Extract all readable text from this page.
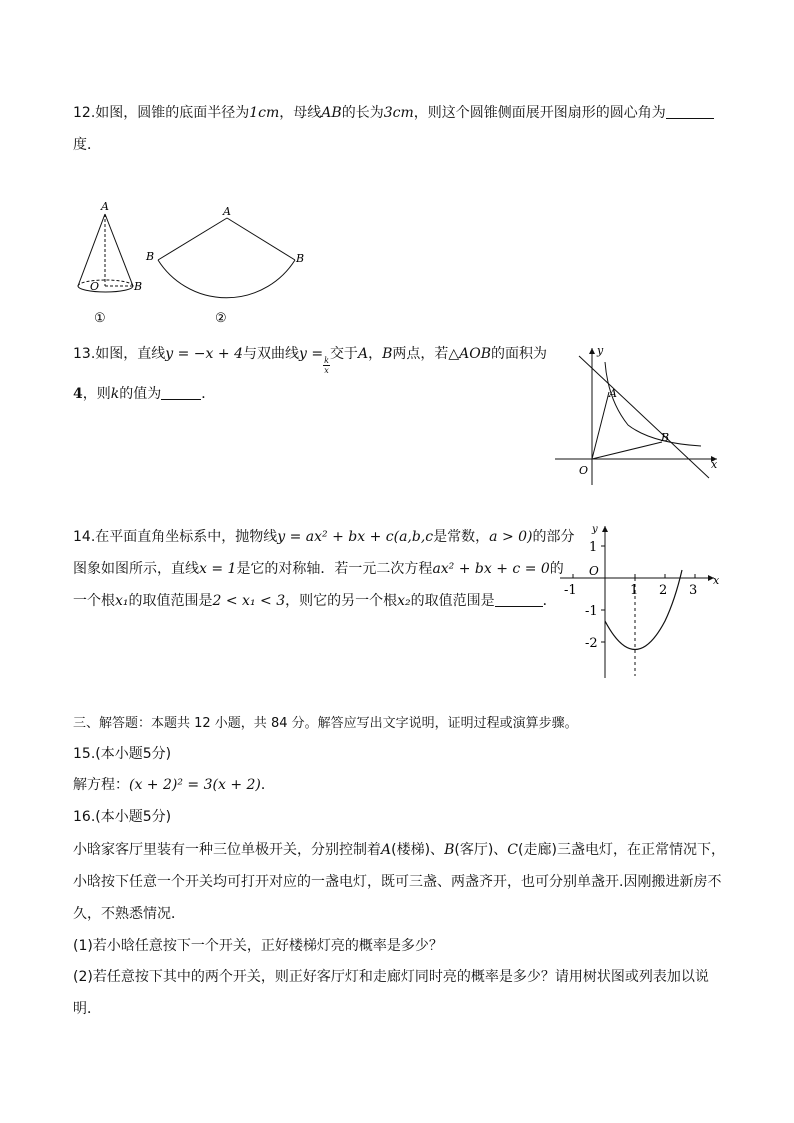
12.如图，圆锥的底面半径为1cm，母线AB的长为3cm，则这个圆锥侧面展开图扇形的圆心角为
度．
A
O	B
A
B	B
①	②
13.如图，直线y = −x + 4与双曲线y =
$\frac{k}{x}$
交于A，B两点，若△AOB的面积为
4，则k的值为	．
y
x
O
A
B
14.在平面直角坐标系中，抛物线y = ax² + bx + c(a,b,c是常数，a > 0)的部分
图象如图所示，直线x = 1是它的对称轴．若一元二次方程ax² + bx + c = 0的
一个根x₁的取值范围是2 < x₁ < 3，则它的另一个根x₂的取值范围是	．
y
x
O
1
-1
-2
-1	1 2 3
三、解答题：本题共 12 小题，共 84 分。解答应写出文字说明，证明过程或演算步骤。
15.(本小题5分)
解方程：(x + 2)² = 3(x + 2)．
16.(本小题5分)
小晗家客厅里装有一种三位单极开关，分别控制着A(楼梯)、B(客厅)、C(走廊)三盏电灯，在正常情况下，
小晗按下任意一个开关均可打开对应的一盏电灯，既可三盏、两盏齐开，也可分别单盏开.因刚搬进新房不
久，不熟悉情况．
(1)若小晗任意按下一个开关，正好楼梯灯亮的概率是多少？
(2)若任意按下其中的两个开关，则正好客厅灯和走廊灯同时亮的概率是多少？请用树状图或列表加以说
明．
